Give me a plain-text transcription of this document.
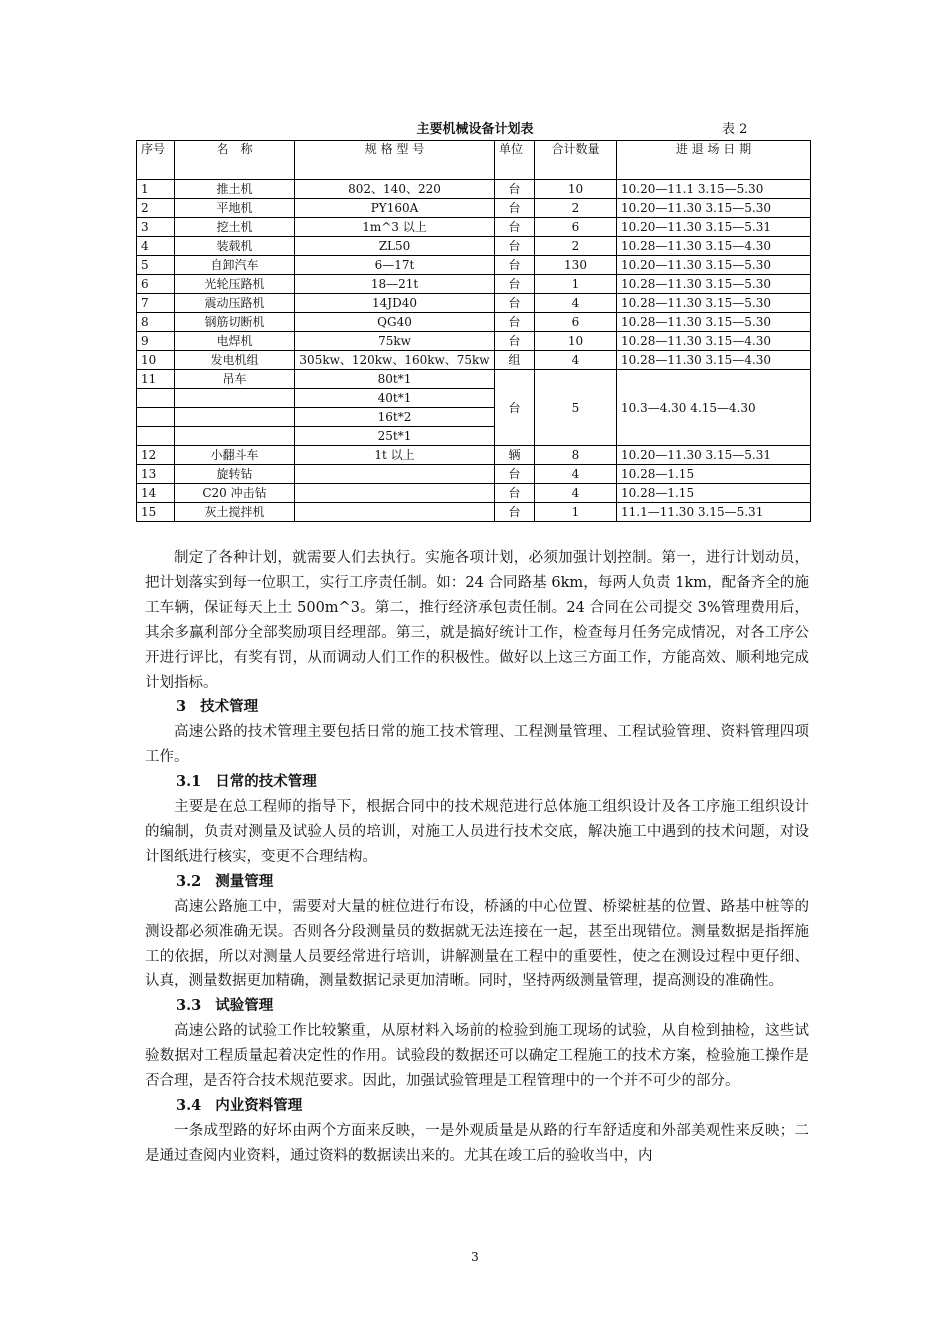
主要机械设备计划表	表 2
序号	名　称	规 格 型 号	单位	合计数量	进 退 场 日 期
1	推土机	802、140、220	台	10	10.20—11.1 3.15—5.30
2	平地机	PY160A	台	2	10.20—11.30 3.15—5.30
3	挖土机	1m^3 以上	台	6	10.20—11.30 3.15—5.31
4	装载机	ZL50	台	2	10.28—11.30 3.15—4.30
5	自卸汽车	6—17t	台	130	10.20—11.30 3.15—5.30
6	光轮压路机	18—21t	台	1	10.28—11.30 3.15—5.30
7	震动压路机	14JD40	台	4	10.28—11.30 3.15—5.30
8	钢筋切断机	QG40	台	6	10.28—11.30 3.15—5.30
9	电焊机	75kw	台	10	10.28—11.30 3.15—4.30
10	发电机组	305kw、120kw、160kw、75kw	组	4	10.28—11.30 3.15—4.30
11	吊车	80t*1	台	5	10.3—4.30 4.15—4.30
		40t*1			
		16t*2			
		25t*1			
12	小翻斗车	1t 以上	辆	8	10.20—11.30 3.15—5.31
13	旋转钻		台	4	10.28—1.15
14	C20 冲击钻		台	4	10.28—1.15
15	灰土搅拌机		台	1	11.1—11.30 3.15—5.31

制定了各种计划，就需要人们去执行。实施各项计划，必须加强计划控制。第一，进行计划动员，把计划落实到每一位职工，实行工序责任制。如：24 合同路基 6km，每两人负责 1km，配备齐全的施工车辆，保证每天上土 500m^3。第二，推行经济承包责任制。24 合同在公司提交 3%管理费用后，其余多赢利部分全部奖励项目经理部。第三，就是搞好统计工作，检查每月任务完成情况，对各工序公开进行评比，有奖有罚，从而调动人们工作的积极性。做好以上这三方面工作，方能高效、顺利地完成计划指标。

3 技术管理

高速公路的技术管理主要包括日常的施工技术管理、工程测量管理、工程试验管理、资料管理四项工作。

3.1 日常的技术管理

主要是在总工程师的指导下，根据合同中的技术规范进行总体施工组织设计及各工序施工组织设计的编制，负责对测量及试验人员的培训，对施工人员进行技术交底，解决施工中遇到的技术问题，对设计图纸进行核实，变更不合理结构。

3.2 测量管理

高速公路施工中，需要对大量的桩位进行布设，桥涵的中心位置、桥梁桩基的位置、路基中桩等的测设都必须准确无误。否则各分段测量员的数据就无法连接在一起，甚至出现错位。测量数据是指挥施工的依据，所以对测量人员要经常进行培训，讲解测量在工程中的重要性，使之在测设过程中更仔细、认真，测量数据更加精确，测量数据记录更加清晰。同时，坚持两级测量管理，提高测设的准确性。

3.3 试验管理

高速公路的试验工作比较繁重，从原材料入场前的检验到施工现场的试验，从自检到抽检，这些试验数据对工程质量起着决定性的作用。试验段的数据还可以确定工程施工的技术方案，检验施工操作是否合理，是否符合技术规范要求。因此，加强试验管理是工程管理中的一个并不可少的部分。

3.4 内业资料管理

一条成型路的好坏由两个方面来反映，一是外观质量是从路的行车舒适度和外部美观性来反映；二是通过查阅内业资料，通过资料的数据读出来的。尤其在竣工后的验收当中，内

3
